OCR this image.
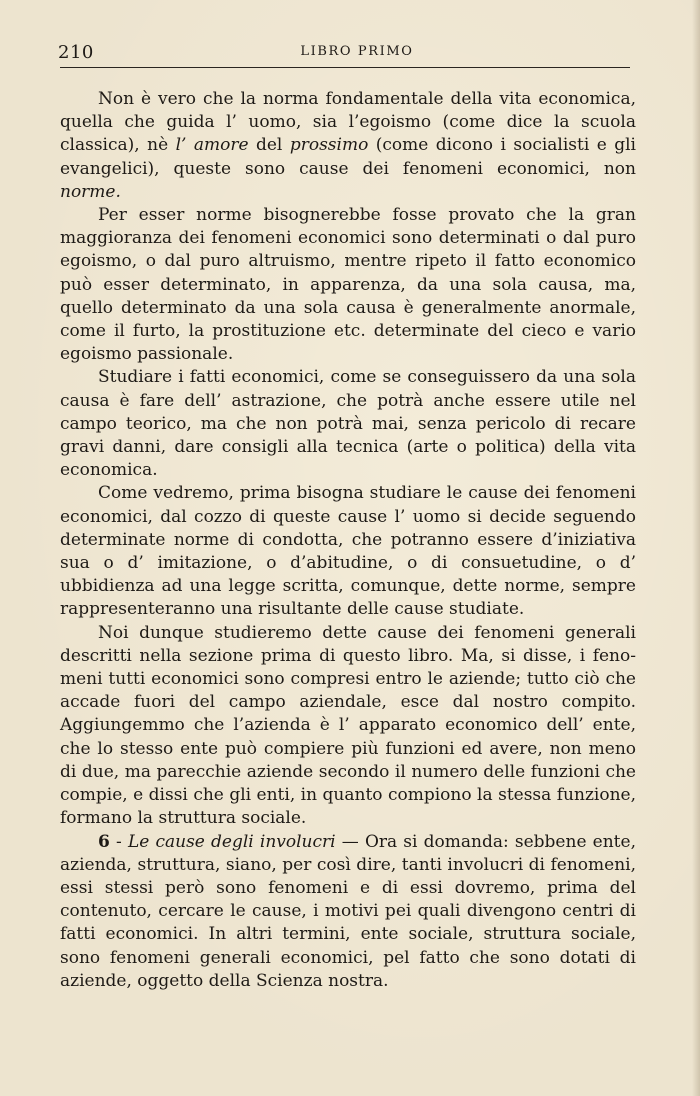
210	LIBRO PRIMO

Non è vero che la norma fondamentale della vita economica, quella che guida l’ uomo, sia l’egoismo (come dice la scuola classica), nè l’ amore del prossimo (come dicono i socialisti e gli evangelici), queste sono cause dei fenomeni economici, non norme.

Per esser norme bisognerebbe fosse provato che la gran maggioranza dei fenomeni economici sono determinati o dal puro egoismo, o dal puro altruismo, mentre ripeto il fatto economico può esser determinato, in apparenza, da una sola causa, ma, quello determinato da una sola causa è generalmente anormale, come il furto, la prostituzione etc. determinate del cieco e vario egoismo passionale.

Studiare i fatti economici, come se conseguissero da una sola causa è fare dell’ astrazione, che potrà anche essere utile nel campo teorico, ma che non potrà mai, senza pericolo di recare gravi danni, dare consigli alla tecnica (arte o politica) della vita economica.

Come vedremo, prima bisogna studiare le cause dei fenomeni economici, dal cozzo di queste cause l’ uomo si decide seguendo determinate norme di condotta, che potranno essere d’iniziativa sua o d’ imitazione, o d’abitudine, o di consuetudine, o d’ ubbidienza ad una legge scritta, comunque, dette norme, sempre rappresenteranno una risultante delle cause studiate.

Noi dunque studieremo dette cause dei fenomeni generali descritti nella sezione prima di questo libro. Ma, si disse, i fenomeni tutti economici sono compresi entro le aziende; tutto ciò che accade fuori del campo aziendale, esce dal nostro compito. Aggiungemmo che l’azienda è l’ apparato economico dell’ ente, che lo stesso ente può compiere più funzioni ed avere, non meno di due, ma parecchie aziende secondo il numero delle funzioni che compie, e dissi che gli enti, in quanto compiono la stessa funzione, formano la struttura sociale.

6 - Le cause degli involucri — Ora si domanda: sebbene ente, azienda, struttura, siano, per così dire, tanti involucri di fenomeni, essi stessi però sono fenomeni e di essi dovremo, prima del contenuto, cercare le cause, i motivi pei quali divengono centri di fatti economici. In altri termini, ente sociale, struttura sociale, sono fenomeni generali economici, pel fatto che sono dotati di aziende, oggetto della Scienza nostra.
